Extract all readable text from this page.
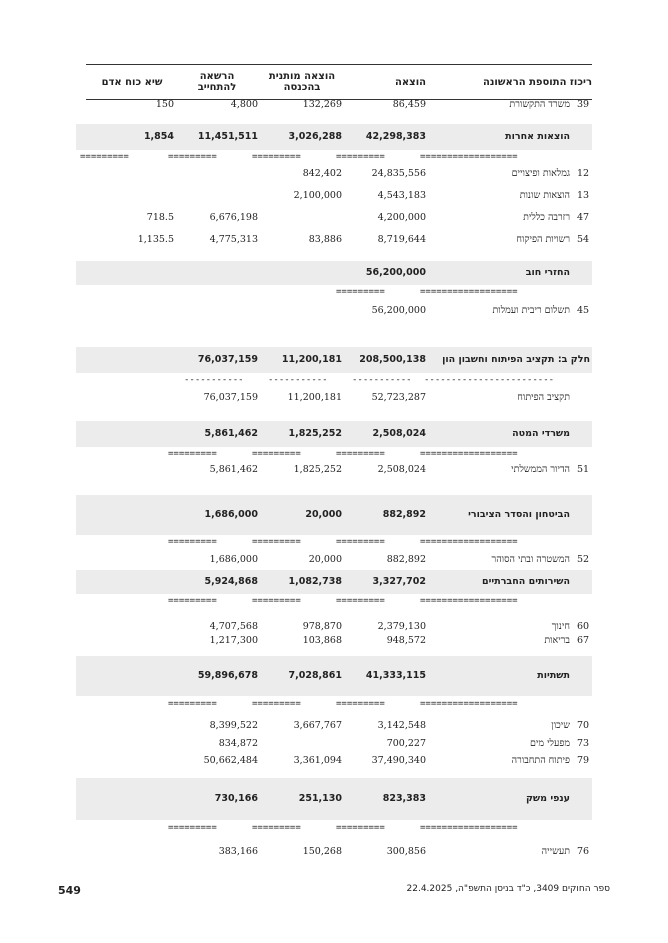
ריכוז התוספת הראשונה
הוצאה
הוצאה מותנית בהכנסה
הרשאה להתחייב
שיא כוח אדם
39
משרד התקשורת
86,459
132,269
4,800
150
הוצאות אחרות
42,298,383
3,026,288
11,451,511
1,854
==================
=========
=========
=========
=========
12
גמלאות ופיצויים
24,835,556
842,402
13
הוצאות שונות
4,543,183
2,100,000
47
רזרבה כללית
4,200,000
6,676,198
718.5
54
רשויות הפיקוח
8,719,644
83,886
4,775,313
1,135.5
החזרי חוב
56,200,000
==================
=========
45
תשלום ריבית ועמלות
56,200,000
חלק ב: תקציב הפיתוח וחשבון הון
208,500,138
11,200,181
76,037,159
------------------------
-----------
-----------
-----------
תקציב הפיתוח
52,723,287
11,200,181
76,037,159
משרדי המטה
2,508,024
1,825,252
5,861,462
==================
=========
=========
=========
51
הדיור הממשלתי
2,508,024
1,825,252
5,861,462
הביטחון והסדר הציבורי
882,892
20,000
1,686,000
==================
=========
=========
=========
52
המשטרה ובתי הסוהר
882,892
20,000
1,686,000
השירותים החברתיים
3,327,702
1,082,738
5,924,868
==================
=========
=========
=========
60
חינוך
2,379,130
978,870
4,707,568
67
בריאות
948,572
103,868
1,217,300
תשתיות
41,333,115
7,028,861
59,896,678
==================
=========
=========
=========
70
שיכון
3,142,548
3,667,767
8,399,522
73
מפעלי מים
700,227
834,872
79
פיתוח התחבורה
37,490,340
3,361,094
50,662,484
ענפי משק
823,383
251,130
730,166
==================
=========
=========
=========
76
תעשייה
300,856
150,268
383,166
549	ספר החוקים 3409, כ"ד בניסן התשפ"ה, 22.4.2025
